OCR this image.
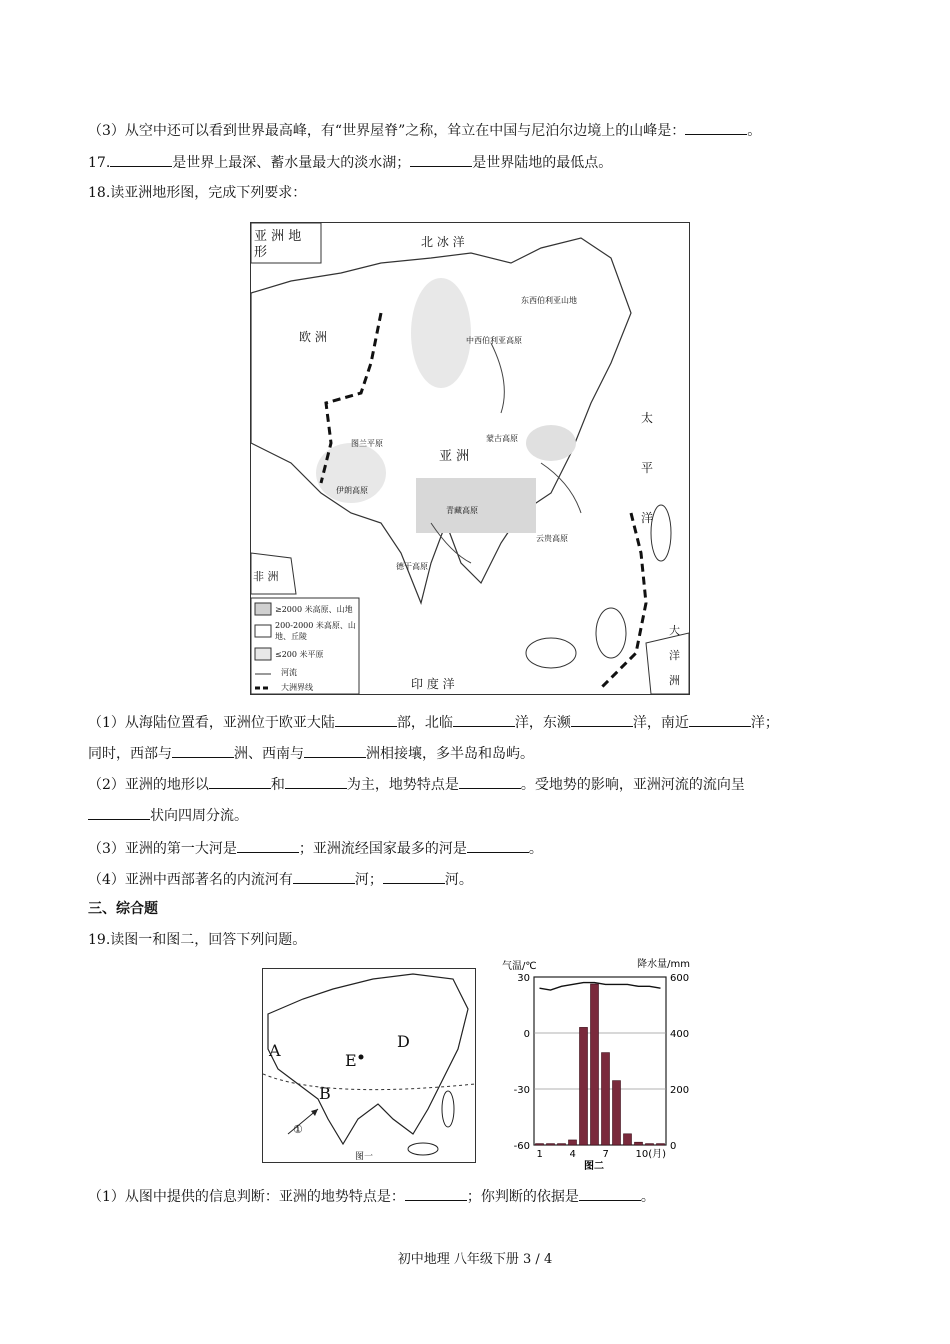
（3）从空中还可以看到世界最高峰，有“世界屋脊”之称，耸立在中国与尼泊尔边境上的山峰是：	。
17.	是世界上最深、蓄水量最大的淡水湖；	是世界陆地的最低点。
18.读亚洲地形图，完成下列要求：
亚 洲 地 形
北 冰 洋
欧 洲
亚 洲
非 洲
印 度 洋
太
平
洋
大
洋
洲
东西伯利亚山地
中西伯利亚高原
蒙古高原
伊朗高原
青藏高原
德干高原
图兰平原
云贵高原
≥2000 米高原、山地
200-2000 米高原、山地、丘陵
≤200 米平原
河流
大洲界线
（1）从海陆位置看，亚洲位于欧亚大陆	部，北临	洋，东濒	洋，南近	洋；
同时，西部与	洲、西南与	洲相接壤，多半岛和岛屿。
（2）亚洲的地形以	和	为主，地势特点是	。受地势的影响，亚洲河流的流向呈
状向四周分流。
（3）亚洲的第一大河是	；亚洲流经国家最多的河是	。
（4）亚洲中西部著名的内流河有	河；	河。
三、综合题
19.读图一和图二，回答下列问题。
A
B
D
E
①
图一
30
0
-30
-60
600
400
200
0
1	4	7	10(月)
气温/℃	降水量/mm
图二
（1）从图中提供的信息判断：亚洲的地势特点是：	；你判断的依据是	。
初中地理 八年级下册 3 / 4
